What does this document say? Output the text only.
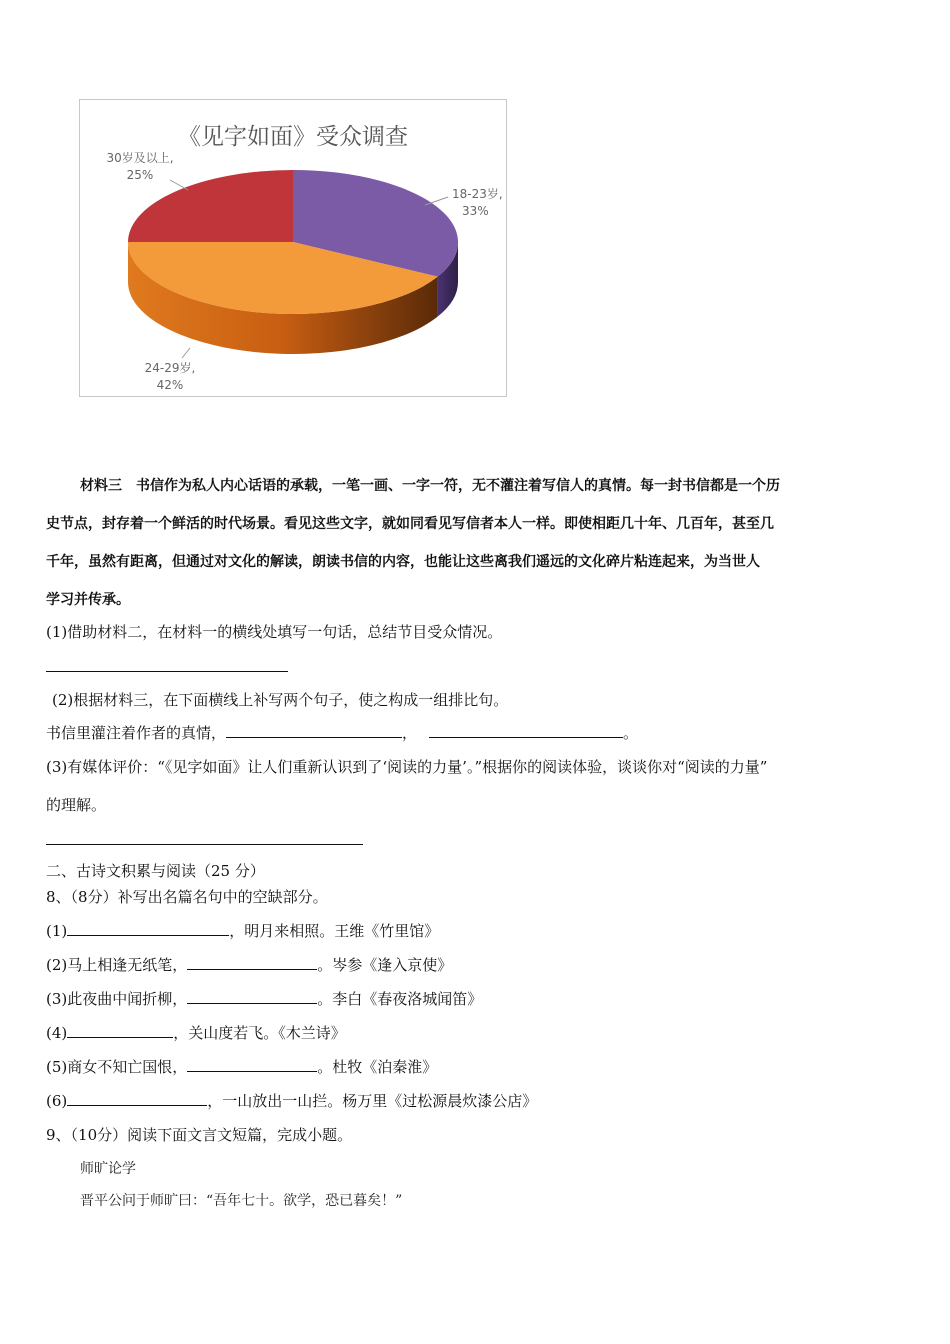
《见字如面》受众调查
18-23岁,
33%
24-29岁,
42%
30岁及以上,
25%
材料三　书信作为私人内心话语的承载，一笔一画、一字一符，无不灌注着写信人的真情。每一封书信都是一个历
史节点，封存着一个鲜活的时代场景。看见这些文字，就如同看见写信者本人一样。即使相距几十年、几百年，甚至几
千年，虽然有距离，但通过对文化的解读，朗读书信的内容，也能让这些离我们遥远的文化碎片粘连起来，为当世人
学习并传承。
(1)借助材料二，在材料一的横线处填写一句话，总结节目受众情况。
(2)根据材料三，在下面横线上补写两个句子，使之构成一组排比句。
书信里灌注着作者的真情，	，	。
(3)有媒体评价：“《见字如面》让人们重新认识到了‘阅读的力量’。”根据你的阅读体验，谈谈你对“阅读的力量”
的理解。
二、古诗文积累与阅读（25 分）
8、（8分）补写出名篇名句中的空缺部分。
(1)	，明月来相照。王维《竹里馆》
(2)马上相逢无纸笔，	。岑参《逢入京使》
(3)此夜曲中闻折柳，	。李白《春夜洛城闻笛》
(4)	，关山度若飞。《木兰诗》
(5)商女不知亡国恨，	。杜牧《泊秦淮》
(6)	，一山放出一山拦。杨万里《过松源晨炊漆公店》
9、（10分）阅读下面文言文短篇，完成小题。
师旷论学
晋平公问于师旷曰：“吾年七十。欲学，恐已暮矣！”
